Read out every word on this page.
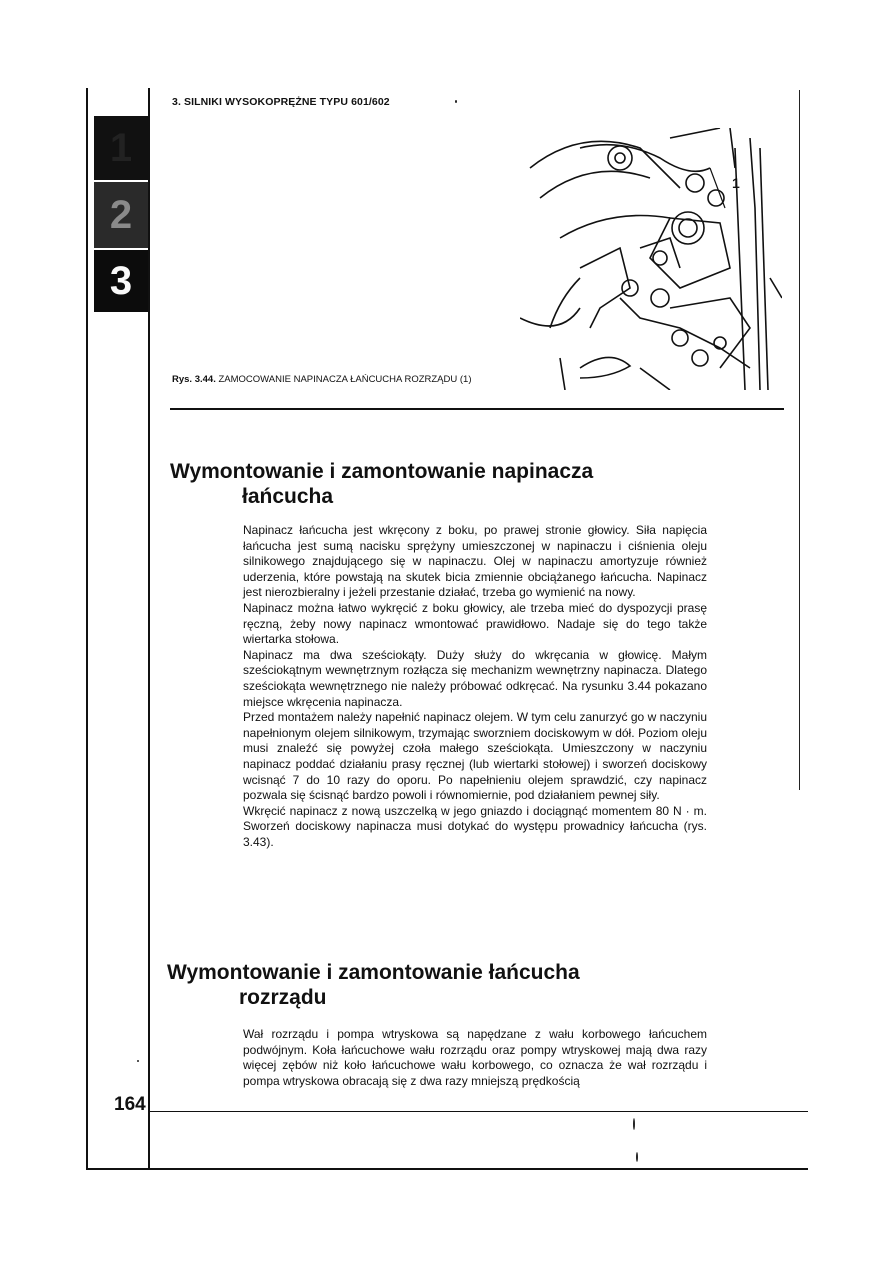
3. SILNIKI WYSOKOPRĘŻNE TYPU 601/602
1
2
3
1
Rys. 3.44. ZAMOCOWANIE NAPINACZA ŁAŃCUCHA ROZRZĄDU (1)
Wymontowanie i zamontowanie napinacza
łańcucha

Napinacz łańcucha jest wkręcony z boku, po prawej stronie głowicy. Siła napięcia łańcucha jest sumą nacisku sprężyny umieszczonej w napinaczu i ciśnienia oleju silnikowego znajdującego się w napinaczu. Olej w napinaczu amortyzuje również uderzenia, które powstają na skutek bicia zmiennie obciążanego łańcucha. Napinacz jest nierozbieralny i jeżeli przestanie działać, trzeba go wymienić na nowy.

Napinacz można łatwo wykręcić z boku głowicy, ale trzeba mieć do dyspozycji prasę ręczną, żeby nowy napinacz wmontować prawidłowo. Nadaje się do tego także wiertarka stołowa.

Napinacz ma dwa sześciokąty. Duży służy do wkręcania w głowicę. Małym sześciokątnym wewnętrznym rozłącza się mechanizm wewnętrzny napinacza. Dlatego sześciokąta wewnętrznego nie należy próbować odkręcać. Na rysunku 3.44 pokazano miejsce wkręcenia napinacza.

Przed montażem należy napełnić napinacz olejem. W tym celu zanurzyć go w naczyniu napełnionym olejem silnikowym, trzymając sworzniem dociskowym w dół. Poziom oleju musi znaleźć się powyżej czoła małego sześciokąta. Umieszczony w naczyniu napinacz poddać działaniu prasy ręcznej (lub wiertarki stołowej) i sworzeń dociskowy wcisnąć 7 do 10 razy do oporu. Po napełnieniu olejem sprawdzić, czy napinacz pozwala się ścisnąć bardzo powoli i równomiernie, pod działaniem pewnej siły.

Wkręcić napinacz z nową uszczelką w jego gniazdo i dociągnąć momentem 80 N · m. Sworzeń dociskowy napinacza musi dotykać do występu prowadnicy łańcucha (rys. 3.43).

Wymontowanie i zamontowanie łańcucha
rozrządu

Wał rozrządu i pompa wtryskowa są napędzane z wału korbowego łańcuchem podwójnym. Koła łańcuchowe wału rozrządu oraz pompy wtryskowej mają dwa razy więcej zębów niż koło łańcuchowe wału korbowego, co oznacza że wał rozrządu i pompa wtryskowa obracają się z dwa razy mniejszą prędkością

164
